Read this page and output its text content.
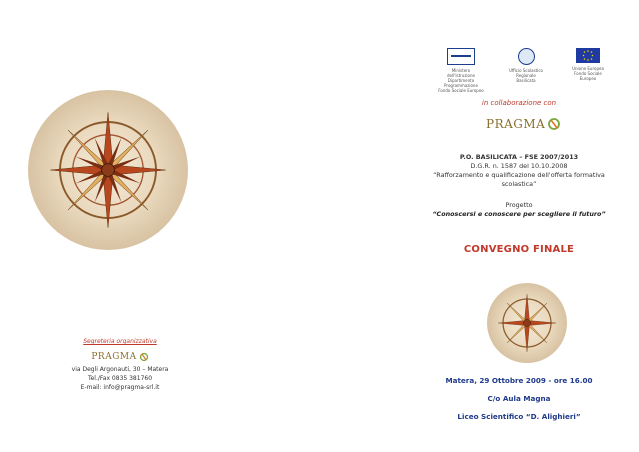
Segreteria organizzativa
PRAGMA
via Degli Argonauti, 30 – Matera
Tel./Fax 0835 381760
E-mail: info@pragma-srl.it
Ministero dell'Istruzione Dipartimento Programmazione Fondo Sociale Europeo
Ufficio Scolastico Regionale Basilicata
Unione Europea Fondo Sociale Europeo
in collaborazione con
PRAGMA
P.O. BASILICATA – FSE 2007/2013
D.G.R. n. 1587 del 10.10.2008
“Rafforzamento e qualificazione dell'offerta formativa
scolastica”
Progetto
“Conoscersi e conoscere per scegliere il futuro”
CONVEGNO FINALE
Matera, 29 Ottobre 2009 - ore 16.00
C/o Aula Magna
Liceo Scientifico “D. Alighieri”
